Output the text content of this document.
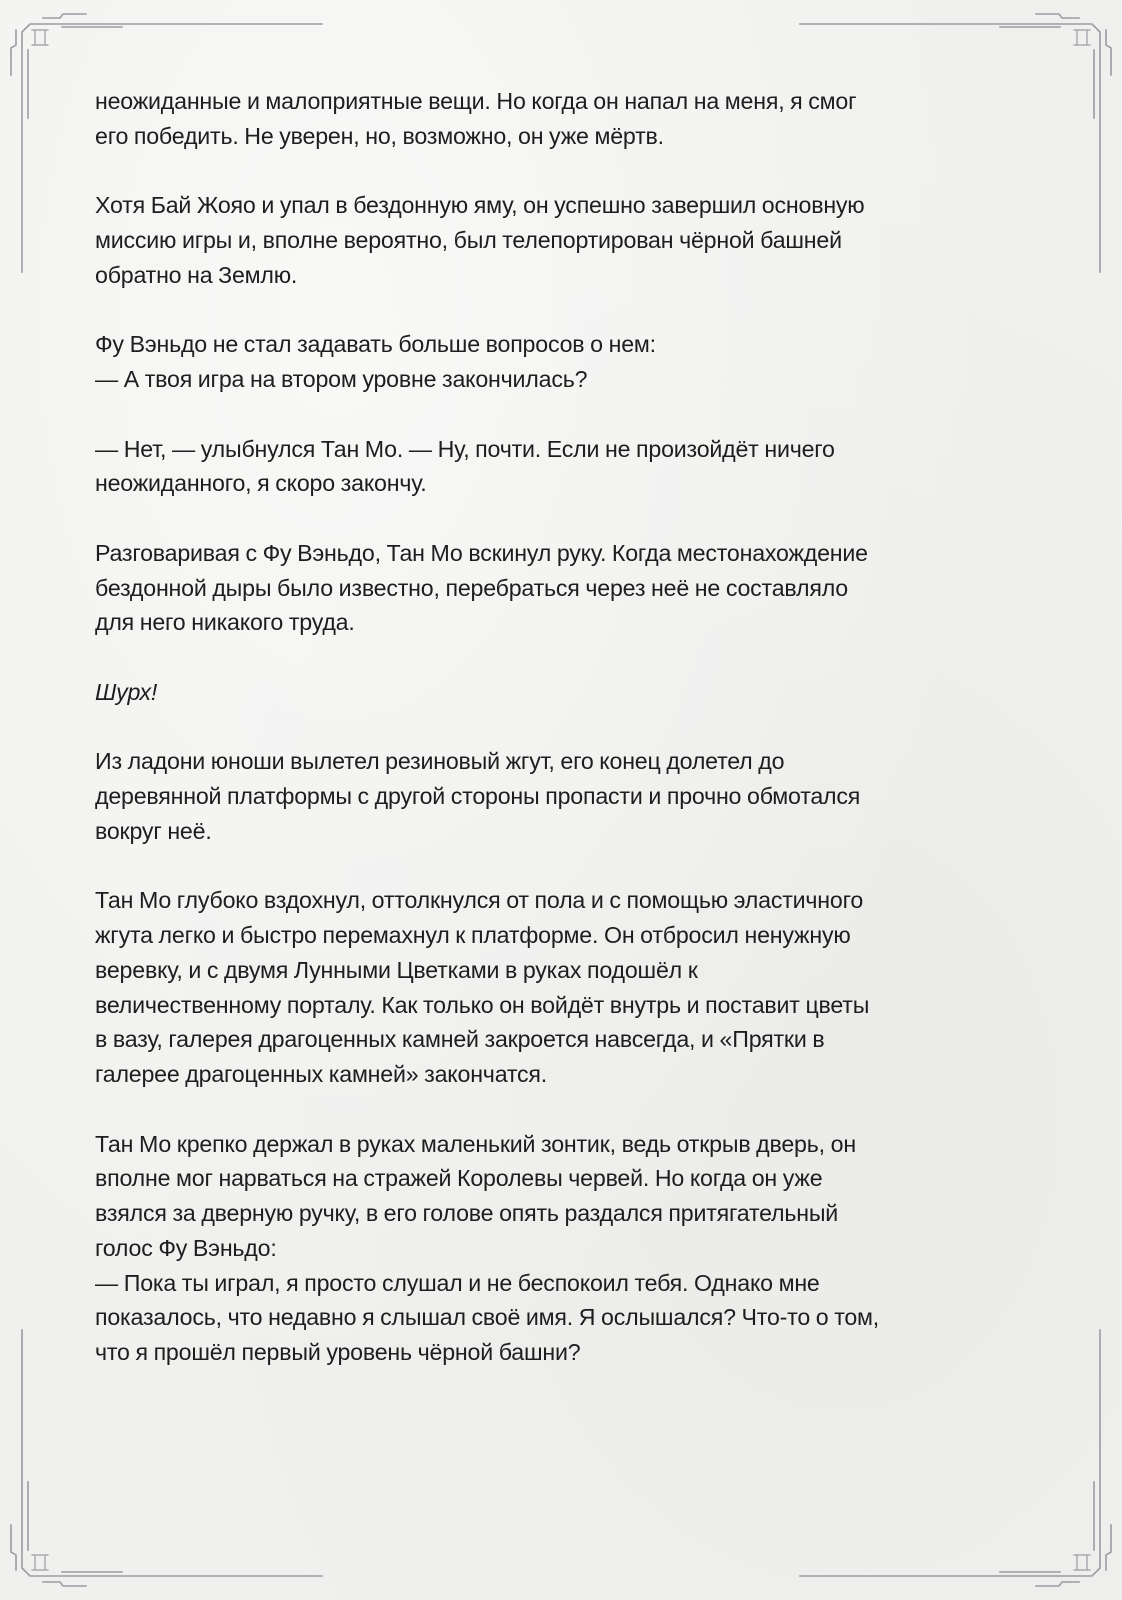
неожиданные и малоприятные вещи. Но когда он напал на меня, я смог
его победить. Не уверен, но, возможно, он уже мёртв.

Хотя Бай Жояо и упал в бездонную яму, он успешно завершил основную
миссию игры и, вполне вероятно, был телепортирован чёрной башней
обратно на Землю.

Фу Вэньдо не стал задавать больше вопросов о нем:
— А твоя игра на втором уровне закончилась?

— Нет, — улыбнулся Тан Мо. — Ну, почти. Если не произойдёт ничего
неожиданного, я скоро закончу.

Разговаривая с Фу Вэньдо, Тан Мо вскинул руку. Когда местонахождение
бездонной дыры было известно, перебраться через неё не составляло
для него никакого труда.

Шурх!

Из ладони юноши вылетел резиновый жгут, его конец долетел до
деревянной платформы с другой стороны пропасти и прочно обмотался
вокруг неё.

Тан Мо глубоко вздохнул, оттолкнулся от пола и с помощью эластичного
жгута легко и быстро перемахнул к платформе. Он отбросил ненужную
веревку, и с двумя Лунными Цветками в руках подошёл к
величественному порталу. Как только он войдёт внутрь и поставит цветы
в вазу, галерея драгоценных камней закроется навсегда, и «Прятки в
галерее драгоценных камней» закончатся.

Тан Мо крепко держал в руках маленький зонтик, ведь открыв дверь, он
вполне мог нарваться на стражей Королевы червей. Но когда он уже
взялся за дверную ручку, в его голове опять раздался притягательный
голос Фу Вэньдо:
— Пока ты играл, я просто слушал и не беспокоил тебя. Однако мне
показалось, что недавно я слышал своё имя. Я ослышался? Что-то о том,
что я прошёл первый уровень чёрной башни?
